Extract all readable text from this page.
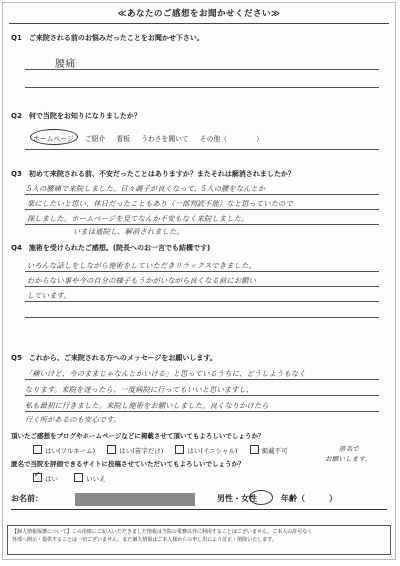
≪あなたのご感想をお聞かせください≫
Q1　ご来院される前のお悩みだったことをお聞かせ下さい。
腰痛
Q2　何で当院をお知りになりましたか？
ホームページ ご紹介 看板 うわさを聞いて その他（	）
Q3　初めて来院される前、不安だったことはありますか？またそれは解消されましたか？
5人の腰痛で来院しました。日々調子が良くなって、5人の腰をなんとか
楽にしたいと思い、休日だったこともあり（一部判読不能）なと思っていたので
探しました。ホームページを見てなんか不安もなく来院しました。
いまは通院し、解消されました。
Q4　施術を受けられたご感想。(院長へのお一言でも結構です)
いろんな話しをしながら施術をしていただきリラックスできました。
わからない事や今の自分の様子もうかがいながら良くなる前にお願い
しています。
Q5　これから、ご来院される方へのメッセージをお願いします。
「痛いけど、今のままじゃなんとかいける」と思っているうちに、どうしようもなく
なります。来院を迷ったら、一度病院に行ってもいいと思いますし、
私も最初に行きました。来院し施術をお願いしました。良くなりかけたら
行く所があるのも安心です。
頂いたご感想をブログやホームページなどに掲載させて頂いてもよろしいでしょうか？
はい(フルネーム)	はい(苗字だけ)	はい(イニシャル)	掲載不可	匿名で
お願いします。
匿名で当院を評価できるサイトに投稿させていただいてもよろしいでしょうか？
✓ はい	いいえ
お名前：	男性・女性	年齢（	）
【個人情報保護について】この用紙にご記入いただきました情報は当院の業務以外に利用することはございません。ご本人の許可なく
外部へ開示・提供することは一切ございません。また個人情報はご本人様からの申し出により訂正・削除いたします。
